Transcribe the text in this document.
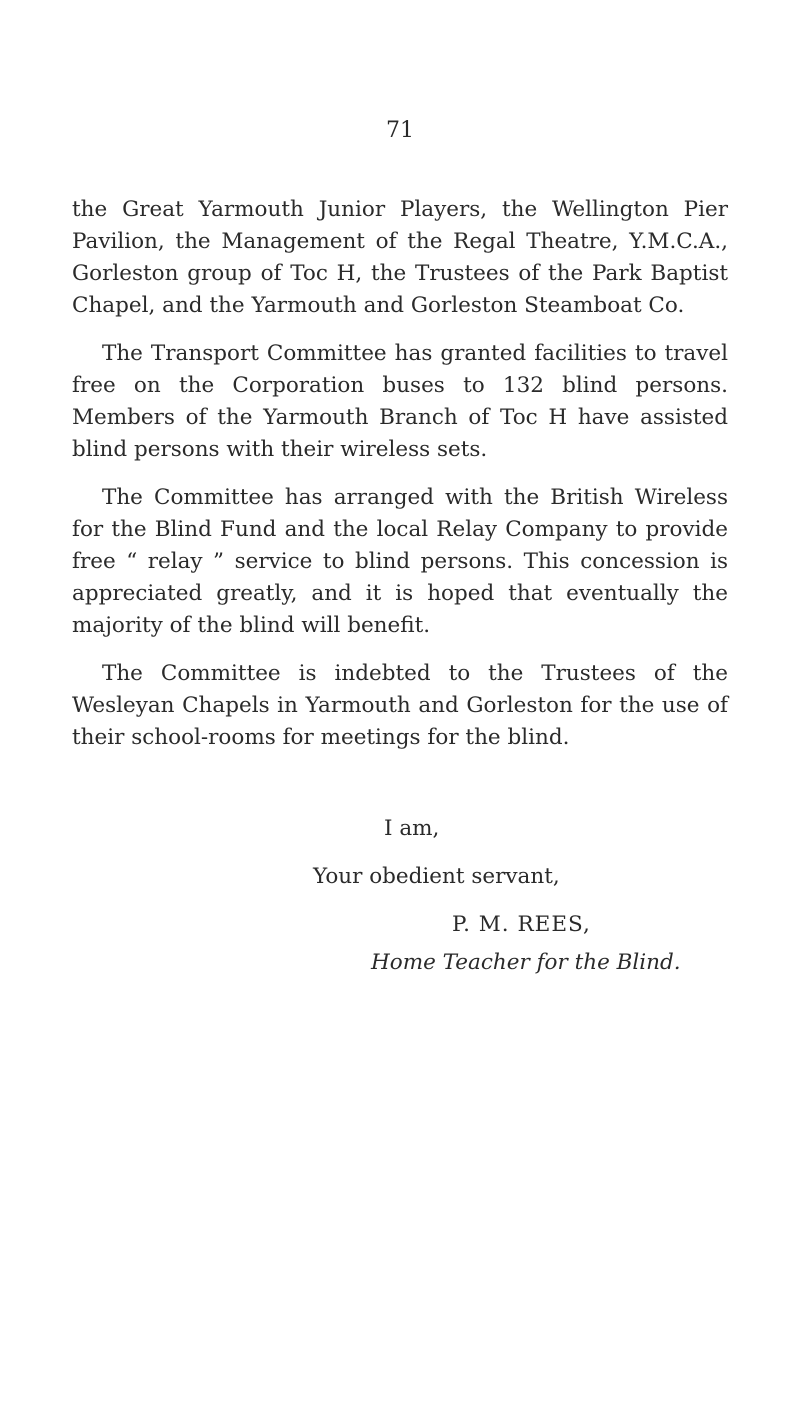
71

the Great Yarmouth Junior Players, the Wellington Pier Pavilion, the Management of the Regal Theatre, Y.M.C.A., Gorleston group of Toc H, the Trustees of the Park Baptist Chapel, and the Yarmouth and Gorleston Steamboat Co.

The Transport Committee has granted facilities to travel free on the Corporation buses to 132 blind persons. Members of the Yarmouth Branch of Toc H have assisted blind persons with their wireless sets.

The Committee has arranged with the British Wireless for the Blind Fund and the local Relay Company to provide free “ relay ” service to blind persons. This concession is appreciated greatly, and it is hoped that eventually the majority of the blind will benefit.

The Committee is indebted to the Trustees of the Wesleyan Chapels in Yarmouth and Gorleston for the use of their school-rooms for meetings for the blind.

I am,

Your obedient servant,

P. M. REES,

Home Teacher for the Blind.
